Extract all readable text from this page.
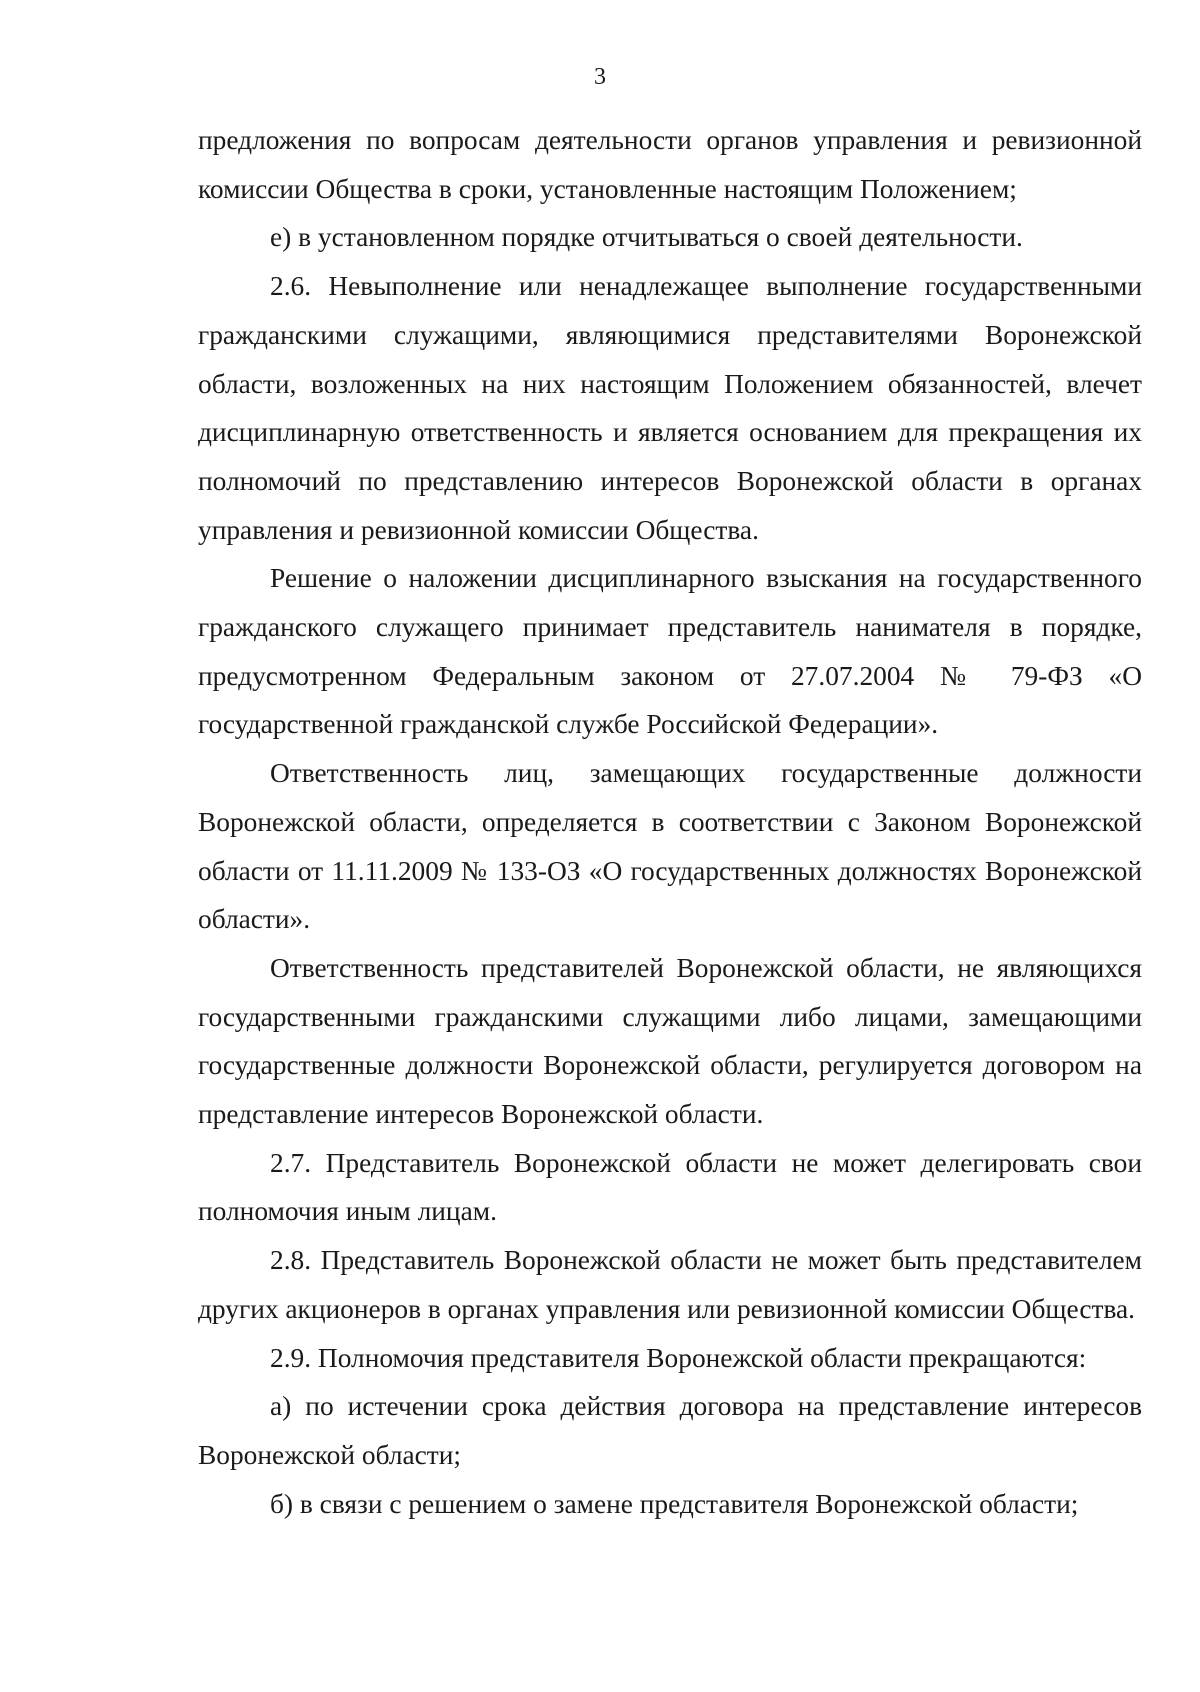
3

предложения по вопросам деятельности органов управления и ревизионной комиссии Общества в сроки, установленные настоящим Положением;

е) в установленном порядке отчитываться о своей деятельности.

2.6. Невыполнение или ненадлежащее выполнение государственными гражданскими служащими, являющимися представителями Воронежской области, возложенных на них настоящим Положением обязанностей, влечет дисциплинарную ответственность и является основанием для прекращения их полномочий по представлению интересов Воронежской области в органах управления и ревизионной комиссии Общества.

Решение о наложении дисциплинарного взыскания на государственного гражданского служащего принимает представитель нанимателя в порядке, предусмотренном Федеральным законом от 27.07.2004 № 79-ФЗ «О государственной гражданской службе Российской Федерации».

Ответственность лиц, замещающих государственные должности Воронежской области, определяется в соответствии с Законом Воронежской области от 11.11.2009 № 133-ОЗ «О государственных должностях Воронежской области».

Ответственность представителей Воронежской области, не являющихся государственными гражданскими служащими либо лицами, замещающими государственные должности Воронежской области, регулируется договором на представление интересов Воронежской области.

2.7. Представитель Воронежской области не может делегировать свои полномочия иным лицам.

2.8. Представитель Воронежской области не может быть представителем других акционеров в органах управления или ревизионной комиссии Общества.

2.9. Полномочия представителя Воронежской области прекращаются:

а) по истечении срока действия договора на представление интересов Воронежской области;

б) в связи с решением о замене представителя Воронежской области;
